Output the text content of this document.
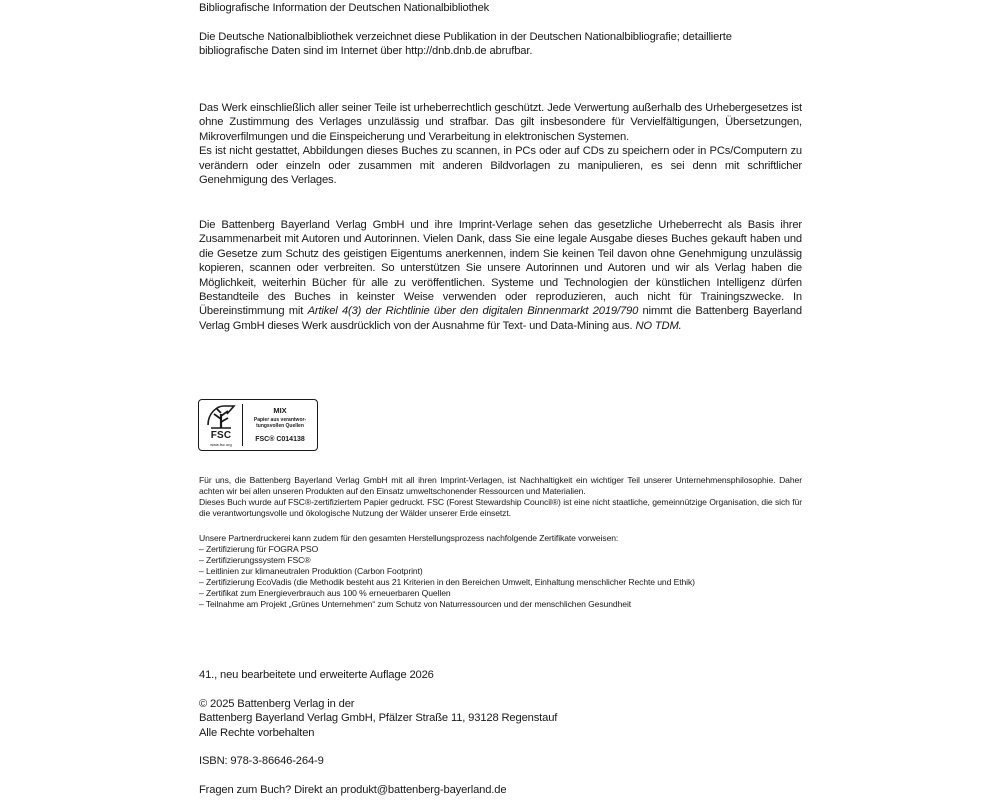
Bibliografische Information der Deutschen Nationalbibliothek
Die Deutsche Nationalbibliothek verzeichnet diese Publikation in der Deutschen Nationalbibliografie; detaillierte
bibliografische Daten sind im Internet über http://dnb.dnb.de abrufbar.

Das Werk einschließlich aller seiner Teile ist urheberrechtlich geschützt. Jede Verwertung außerhalb des Urhebergesetzes ist ohne Zustimmung des Verlages unzulässig und strafbar. Das gilt insbesondere für Vervielfältigungen, Übersetzungen, Mikroverfilmungen und die Einspeicherung und Verarbeitung in elektronischen Systemen.

Es ist nicht gestattet, Abbildungen dieses Buches zu scannen, in PCs oder auf CDs zu speichern oder in PCs/Computern zu verändern oder einzeln oder zusammen mit anderen Bildvorlagen zu manipulieren, es sei denn mit schriftlicher Genehmigung des Verlages.

Die Battenberg Bayerland Verlag GmbH und ihre Imprint-Verlage sehen das gesetzliche Urheberrecht als Basis ihrer Zusammenarbeit mit Autoren und Autorinnen. Vielen Dank, dass Sie eine legale Ausgabe dieses Buches gekauft haben und die Gesetze zum Schutz des geistigen Eigentums anerkennen, indem Sie keinen Teil davon ohne Genehmigung unzulässig kopieren, scannen oder verbreiten. So unterstützen Sie unsere Autorinnen und Autoren und wir als Verlag haben die Möglichkeit, weiterhin Bücher für alle zu veröffentlichen. Systeme und Technologien der künstlichen Intelligenz dürfen Bestandteile des Buches in keinster Weise verwenden oder reproduzieren, auch nicht für Trainingszwecke. In Übereinstimmung mit Artikel 4(3) der Richtlinie über den digitalen Binnenmarkt 2019/790 nimmt die Battenberg Bayerland Verlag GmbH dieses Werk ausdrücklich von der Ausnahme für Text- und Data-Mining aus. NO TDM.
FSC
www.fsc.org
MIX
Papier aus verantwortungsvollen Quellen
FSC® C014138

Für uns, die Battenberg Bayerland Verlag GmbH mit all ihren Imprint-Verlagen, ist Nachhaltigkeit ein wichtiger Teil unserer Unternehmensphilosophie. Daher achten wir bei allen unseren Produkten auf den Einsatz umweltschonender Ressourcen und Materialien.

Dieses Buch wurde auf FSC®-zertifiziertem Papier gedruckt. FSC (Forest Stewardship Council®) ist eine nicht staatliche, gemeinnützige Organisation, die sich für die verantwortungsvolle und ökologische Nutzung der Wälder unserer Erde einsetzt.

Unsere Partnerdruckerei kann zudem für den gesamten Herstellungsprozess nachfolgende Zertifikate vorweisen:
– Zertifizierung für FOGRA PSO
– Zertifizierungssystem FSC®
– Leitlinien zur klimaneutralen Produktion (Carbon Footprint)
– Zertifizierung EcoVadis (die Methodik besteht aus 21 Kriterien in den Bereichen Umwelt, Einhaltung menschlicher Rechte und Ethik)
– Zertifikat zum Energieverbrauch aus 100 % erneuerbaren Quellen
– Teilnahme am Projekt „Grünes Unternehmen“ zum Schutz von Naturressourcen und der menschlichen Gesundheit
41., neu bearbeitete und erweiterte Auflage 2026
© 2025 Battenberg Verlag in der
Battenberg Bayerland Verlag GmbH, Pfälzer Straße 11, 93128 Regenstauf
Alle Rechte vorbehalten
ISBN: 978-3-86646-264-9
Fragen zum Buch? Direkt an produkt@battenberg-bayerland.de
